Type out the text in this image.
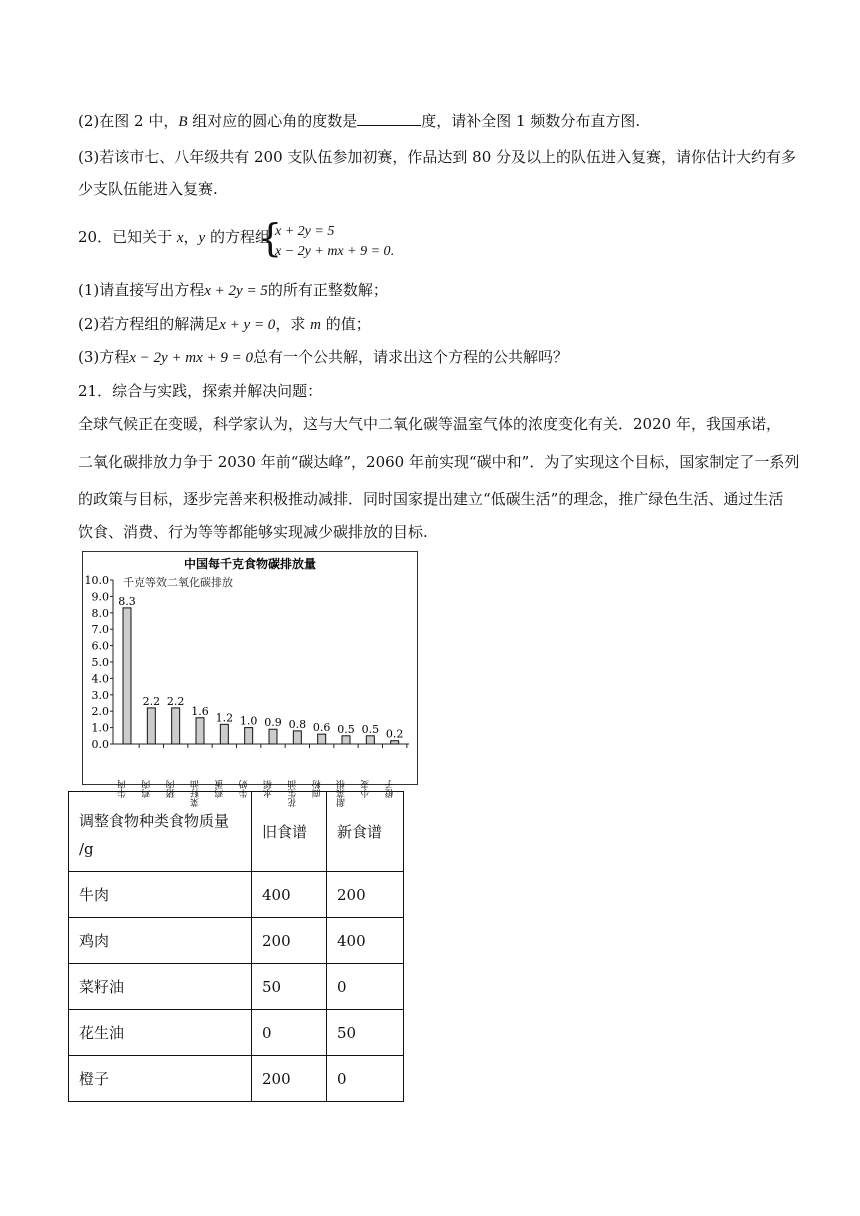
(2)在图 2 中，B 组对应的圆心角的度数是	度，请补全图 1 频数分布直方图.
(3)若该市七、八年级共有 200 支队伍参加初赛，作品达到 80 分及以上的队伍进入复赛，请你估计大约有多
少支队伍能进入复赛.
20．已知关于 x，y 的方程组
{
x + 2y = 5
x − 2y + mx + 9 = 0.
(1)请直接写出方程x + 2y = 5的所有正整数解；
(2)若方程组的解满足x + y = 0，求 m 的值；
(3)方程x − 2y + mx + 9 = 0总有一个公共解，请求出这个方程的公共解吗？
21．综合与实践，探索并解决问题：
全球气候正在变暖，科学家认为，这与大气中二氧化碳等温室气体的浓度变化有关．2020 年，我国承诺，
二氧化碳排放力争于 2030 年前“碳达峰”，2060 年前实现“碳中和”．为了实现这个目标，国家制定了一系列
的政策与目标，逐步完善来积极推动减排．同时国家提出建立“低碳生活”的理念，推广绿色生活、通过生活
饮食、消费、行为等等都能够实现减少碳排放的目标.
中国每千克食物碳排放量
千克等效二氧化碳排放
0.0
1.0
2.0
3.0
4.0
5.0
6.0
7.0
8.0
9.0
10.0
牛肉 鸡肉 猪肉 菜籽油 鸡蛋 牛奶 水稻 花生油 面粉 甜菜根 小麦 橙子
8.3
2.2 2.2
1.6
1.2 1.0 0.9 0.8 0.6 0.5 0.5 0.2
调整食物种类食物质量
/g	旧食谱	新食谱
牛肉	400	200
鸡肉	200	400
菜籽油	50	0
花生油	0	50
橙子	200	0
